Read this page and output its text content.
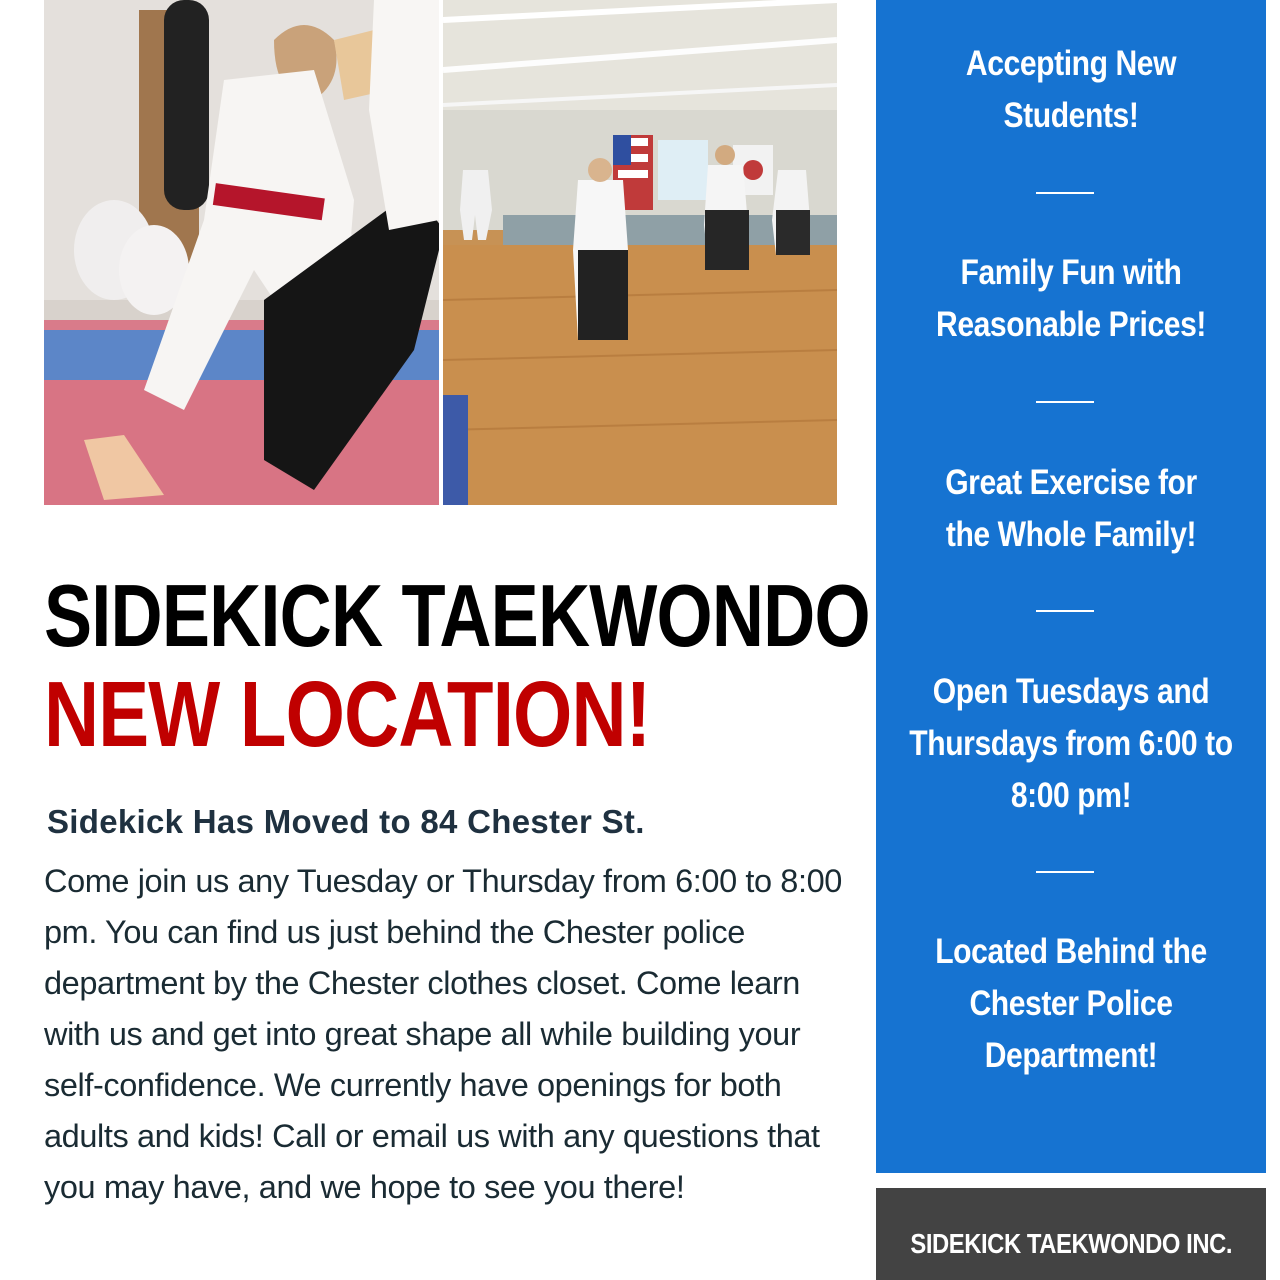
SIDEKICK TAEKWONDO
NEW LOCATION!
Sidekick Has Moved to 84 Chester St.

Come join us any Tuesday or Thursday from 6:00 to 8:00 pm. You can find us just behind the Chester police department by the Chester clothes closet. Come learn with us and get into great shape all while building your self-confidence. We currently have openings for both adults and kids! Call or email us with any questions that you may have, and we hope to see you there!

Accepting New Students!
Family Fun with Reasonable Prices!
Great Exercise for the Whole Family!
Open Tuesdays and Thursdays from 6:00 to 8:00 pm!
Located Behind the Chester Police Department!
SIDEKICK TAEKWONDO INC.
